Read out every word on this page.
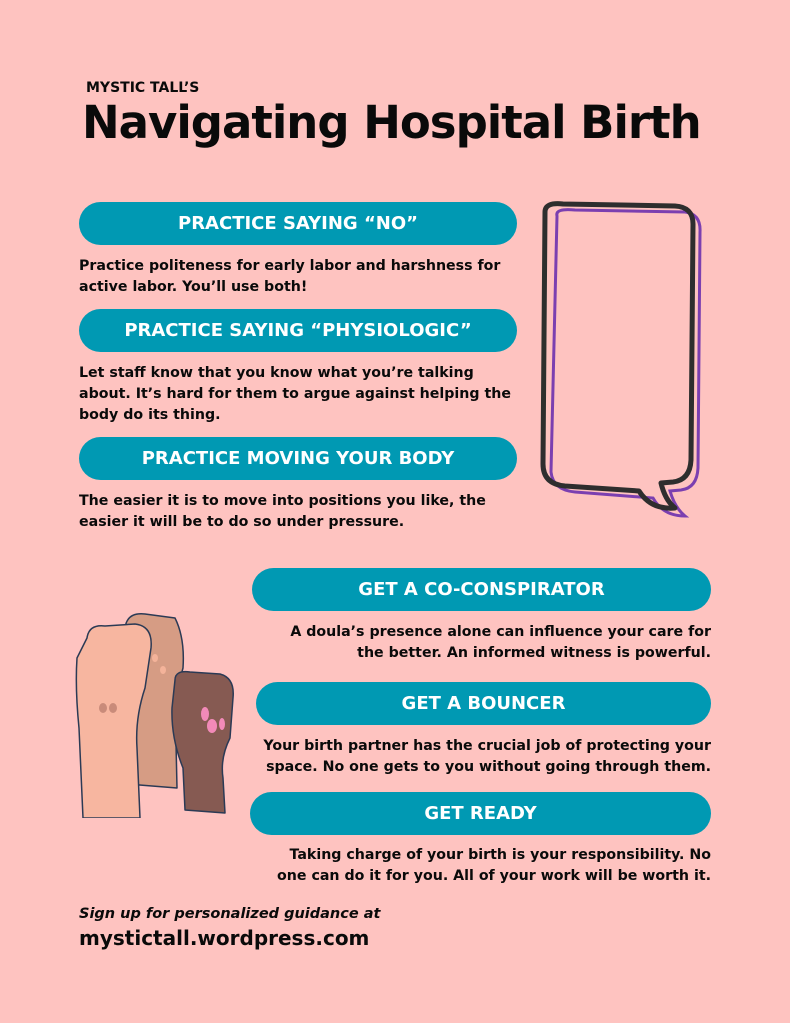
MYSTIC TALL’S
Navigating Hospital Birth
PRACTICE SAYING “NO”
Practice politeness for early labor and harshness for
active labor. You’ll use both!
PRACTICE SAYING “PHYSIOLOGIC”
Let staff know that you know what you’re talking
about. It’s hard for them to argue against helping the
body do its thing.
PRACTICE MOVING YOUR BODY
The easier it is to move into positions you like, the
easier it will be to do so under pressure.
GET A CO-CONSPIRATOR
A doula’s presence alone can influence your care for
the better. An informed witness is powerful.
GET A BOUNCER
Your birth partner has the crucial job of protecting your
space. No one gets to you without going through them.
GET READY
Taking charge of your birth is your responsibility. No
one can do it for you. All of your work will be worth it.
Sign up for personalized guidance at
mystictall.wordpress.com
